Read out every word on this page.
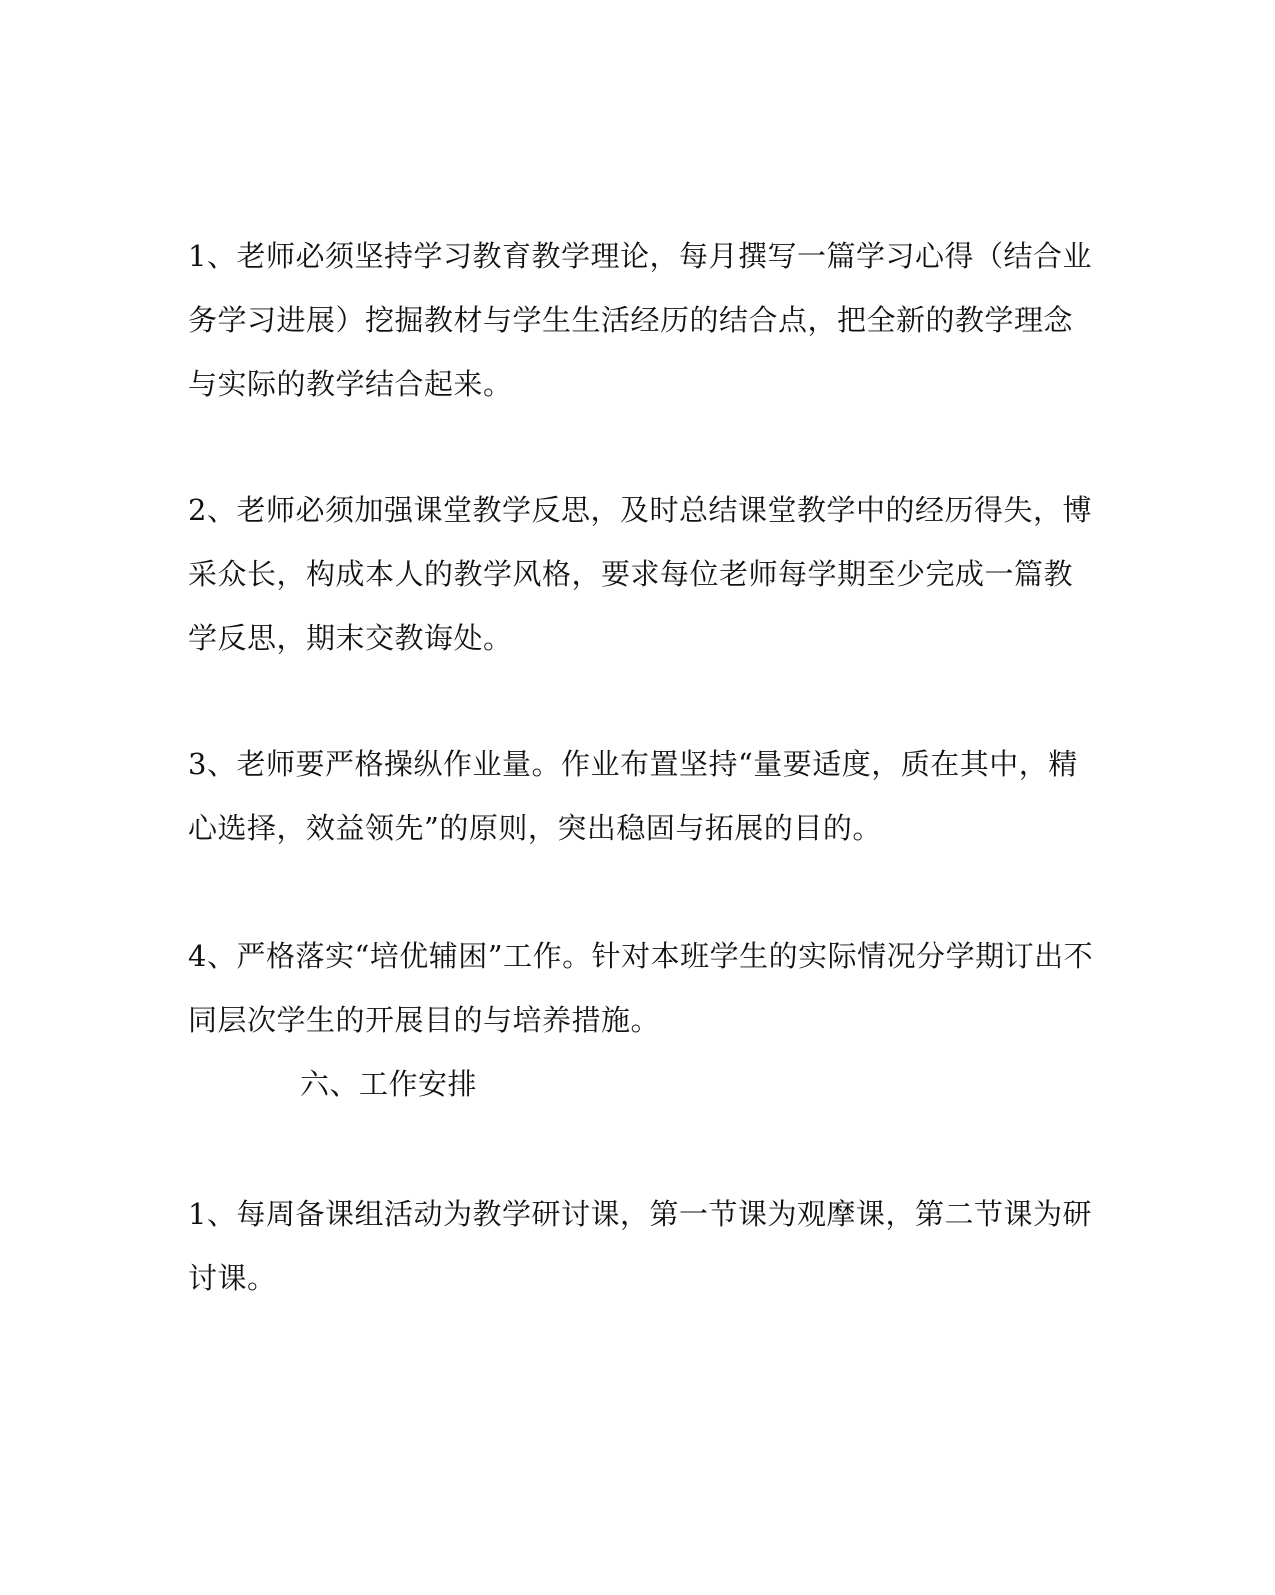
1、老师必须坚持学习教育教学理论，每月撰写一篇学习心得（结合业
务学习进展）挖掘教材与学生生活经历的结合点，把全新的教学理念
与实际的教学结合起来。
2、老师必须加强课堂教学反思，及时总结课堂教学中的经历得失，博
采众长，构成本人的教学风格，要求每位老师每学期至少完成一篇教
学反思，期末交教诲处。
3、老师要严格操纵作业量。作业布置坚持“量要适度，质在其中，精
心选择，效益领先”的原则，突出稳固与拓展的目的。
4、严格落实“培优辅困”工作。针对本班学生的实际情况分学期订出不
同层次学生的开展目的与培养措施。
六、工作安排
1、每周备课组活动为教学研讨课，第一节课为观摩课，第二节课为研
讨课。
